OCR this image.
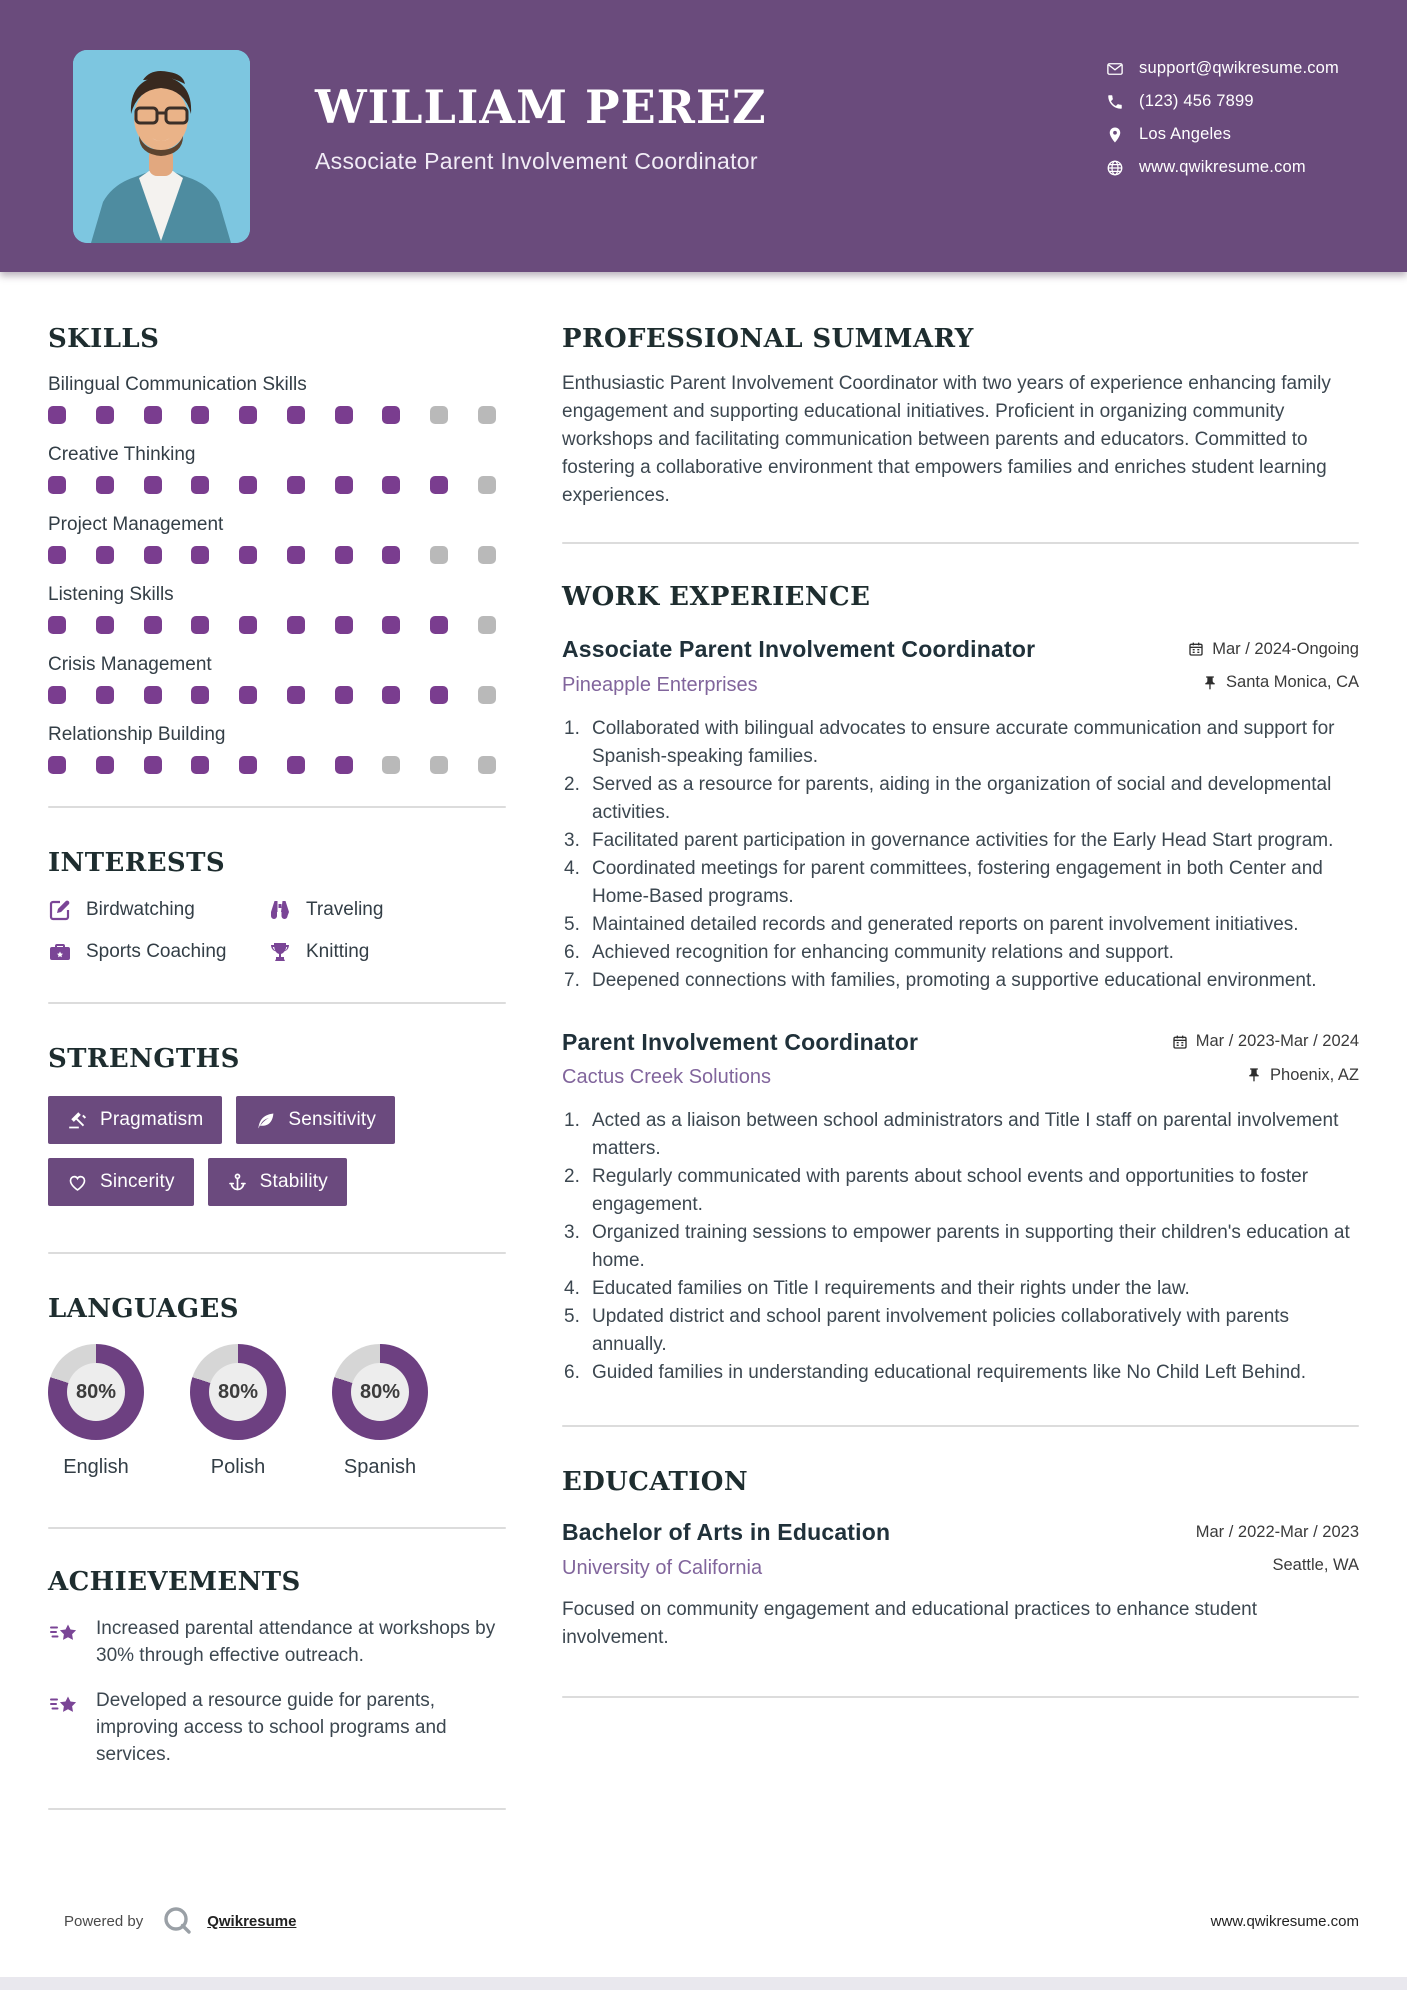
WILLIAM PEREZ
Associate Parent Involvement Coordinator
support@qwikresume.com
(123) 456 7899
Los Angeles
www.qwikresume.com
SKILLS
Bilingual Communication Skills
Creative Thinking
Project Management
Listening Skills
Crisis Management
Relationship Building
INTERESTS
Birdwatching	Traveling
Sports Coaching	Knitting
STRENGTHS
Pragmatism	Sensitivity
Sincerity	Stability
LANGUAGES
80%
English
80%
Polish
80%
Spanish
ACHIEVEMENTS

Increased parental attendance at workshops by 30% through effective outreach.

Developed a resource guide for parents, improving access to school programs and services.

PROFESSIONAL SUMMARY

Enthusiastic Parent Involvement Coordinator with two years of experience enhancing family engagement and supporting educational initiatives. Proficient in organizing community workshops and facilitating communication between parents and educators. Committed to fostering a collaborative environment that empowers families and enriches student learning experiences.

WORK EXPERIENCE
Associate Parent Involvement Coordinator	Mar / 2024-Ongoing
Pineapple Enterprises	Santa Monica, CA
Collaborated with bilingual advocates to ensure accurate communication and support for Spanish-speaking families.
Served as a resource for parents, aiding in the organization of social and developmental activities.
Facilitated parent participation in governance activities for the Early Head Start program.
Coordinated meetings for parent committees, fostering engagement in both Center and Home-Based programs.
Maintained detailed records and generated reports on parent involvement initiatives.
Achieved recognition for enhancing community relations and support.
Deepened connections with families, promoting a supportive educational environment.
Parent Involvement Coordinator	Mar / 2023-Mar / 2024
Cactus Creek Solutions	Phoenix, AZ
Acted as a liaison between school administrators and Title I staff on parental involvement matters.
Regularly communicated with parents about school events and opportunities to foster engagement.
Organized training sessions to empower parents in supporting their children's education at home.
Educated families on Title I requirements and their rights under the law.
Updated district and school parent involvement policies collaboratively with parents annually.
Guided families in understanding educational requirements like No Child Left Behind.
EDUCATION
Bachelor of Arts in Education	Mar / 2022-Mar / 2023
University of California	Seattle, WA

Focused on community engagement and educational practices to enhance student involvement.

Powered by	Qwikresume	www.qwikresume.com
